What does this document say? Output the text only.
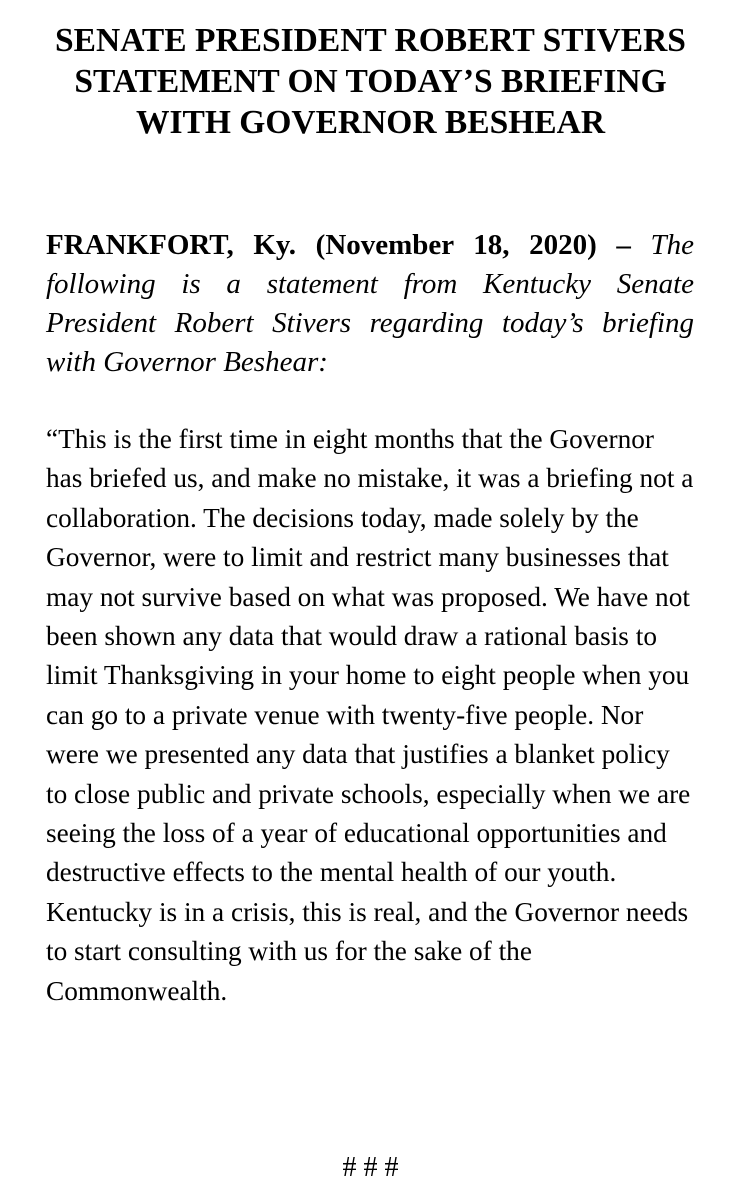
SENATE PRESIDENT ROBERT STIVERS STATEMENT ON TODAY’S BRIEFING WITH GOVERNOR BESHEAR

FRANKFORT, Ky. (November 18, 2020) – The following is a statement from Kentucky Senate President Robert Stivers regarding today’s briefing with Governor Beshear:

“This is the first time in eight months that the Governor has briefed us, and make no mistake, it was a briefing not a collaboration. The decisions today, made solely by the Governor, were to limit and restrict many businesses that may not survive based on what was proposed. We have not been shown any data that would draw a rational basis to limit Thanksgiving in your home to eight people when you can go to a private venue with twenty-five people. Nor were we presented any data that justifies a blanket policy to close public and private schools, especially when we are seeing the loss of a year of educational opportunities and destructive effects to the mental health of our youth. Kentucky is in a crisis, this is real, and the Governor needs to start consulting with us for the sake of the Commonwealth.

# # #
